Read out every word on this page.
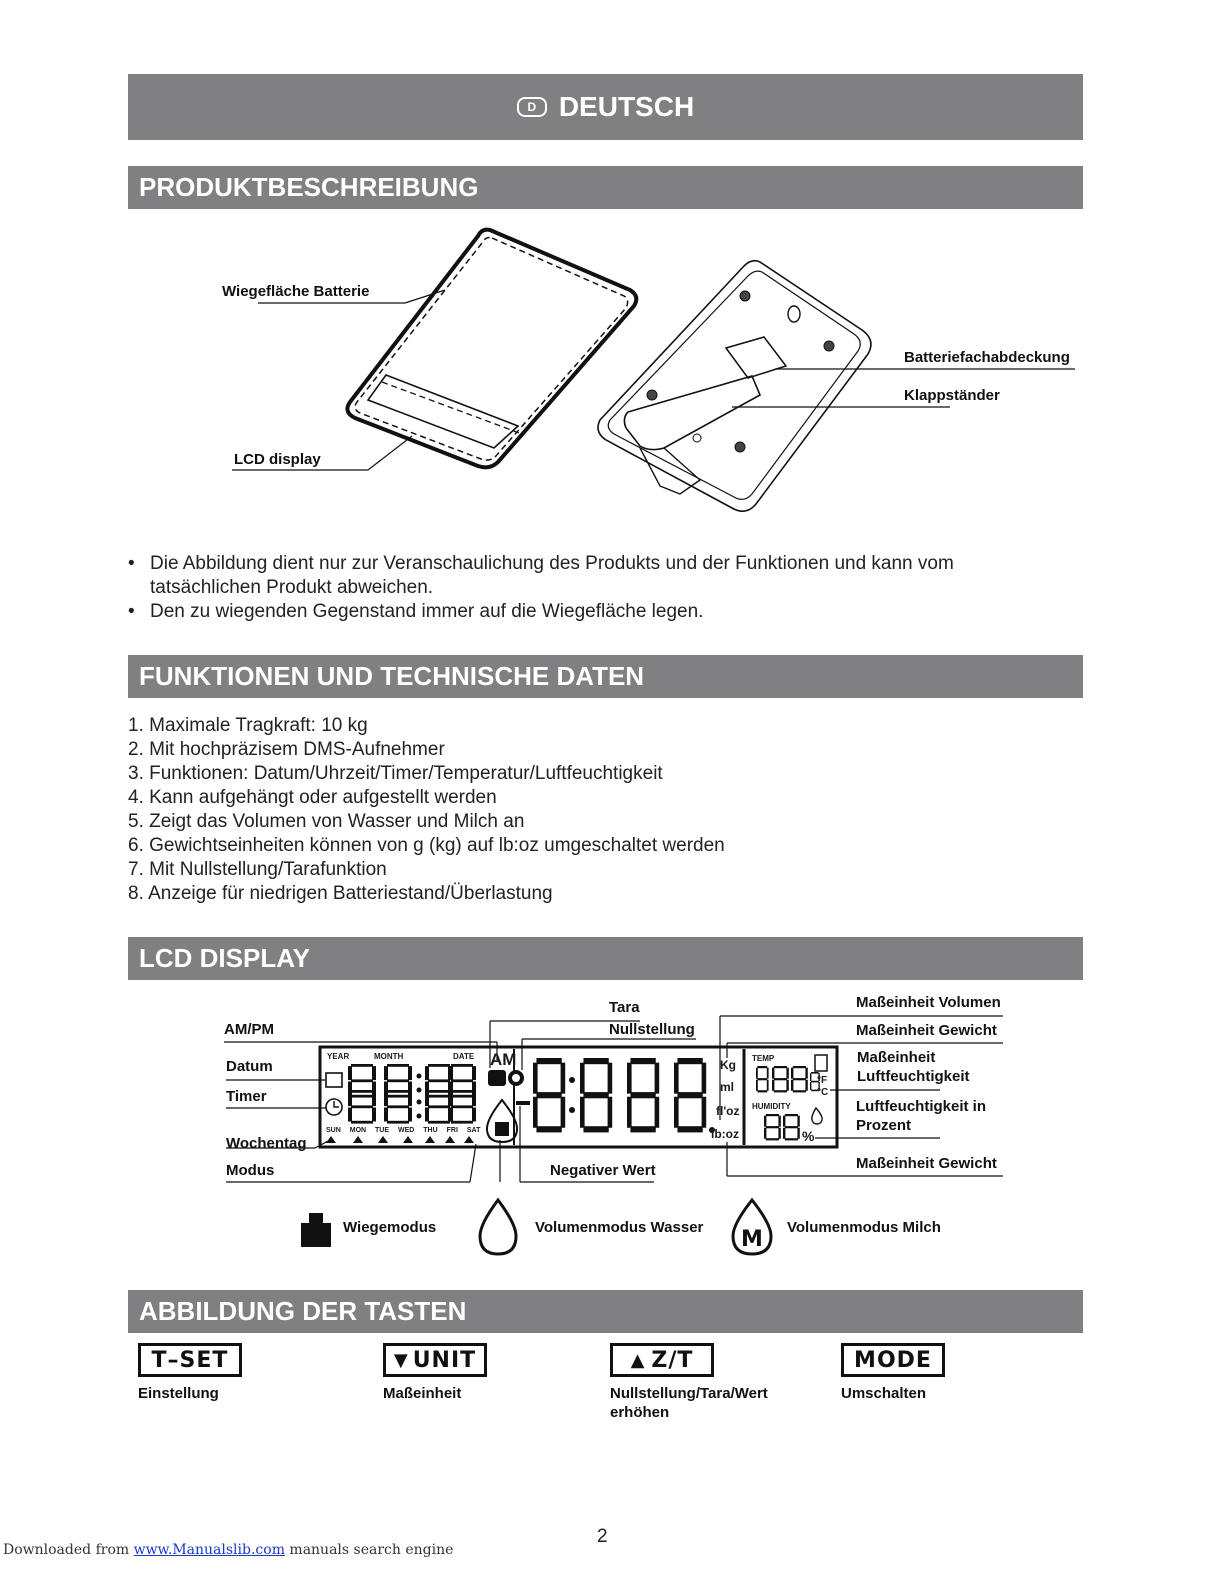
D DEUTSCH
PRODUKTBESCHREIBUNG
Wiegefläche Batterie
LCD display
Batteriefachabdeckung
Klappständer
• Die Abbildung dient nur zur Veranschaulichung des Produkts und der Funktionen und kann vom tatsächlichen Produkt abweichen.
• Den zu wiegenden Gegenstand immer auf die Wiegefläche legen.
FUNKTIONEN UND TECHNISCHE DATEN
1. Maximale Tragkraft: 10 kg
2. Mit hochpräzisem DMS-Aufnehmer
3. Funktionen: Datum/Uhrzeit/Timer/Temperatur/Luftfeuchtigkeit
4. Kann aufgehängt oder aufgestellt werden
5. Zeigt das Volumen von Wasser und Milch an
6. Gewichtseinheiten können von g (kg) auf lb:oz umgeschaltet werden
7. Mit Nullstellung/Tarafunktion
8. Anzeige für niedrigen Batteriestand/Überlastung
LCD DISPLAY
YEAR	MONTH	DATE AM
SUN MON TUE WED THU FRI SAT
Kg
ml
fl'oz
lb:oz
TEMP
HUMIDITY
°F
°C
%
AM/PM
Datum
Timer
Wochentag
Modus
Tara
Nullstellung
Negativer Wert
Maßeinheit Volumen
Maßeinheit Gewicht
Maßeinheit
Luftfeuchtigkeit
Luftfeuchtigkeit in
Prozent
Maßeinheit Gewicht
Wiegemodus	Volumenmodus Wasser M Volumenmodus Milch
ABBILDUNG DER TASTEN
T–SET
Einstellung
▼ UNIT
Maßeinheit
▲ Z/T
Nullstellung/Tara/Wert erhöhen
MODE
Umschalten
2
Downloaded from www.Manualslib.com manuals search engine
